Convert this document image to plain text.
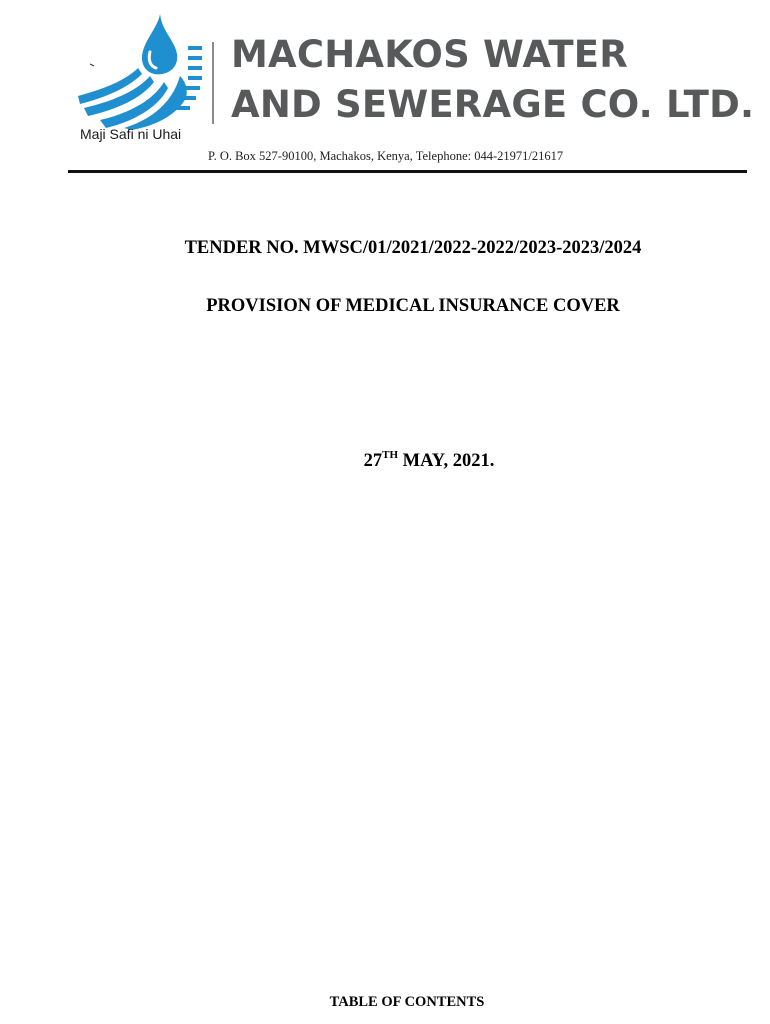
Maji Safi ni Uhai
MACHAKOS WATER
AND SEWERAGE CO. LTD.
P. O. Box 527-90100, Machakos, Kenya, Telephone: 044-21971/21617
TENDER NO. MWSC/01/2021/2022-2022/2023-2023/2024
PROVISION OF MEDICAL INSURANCE COVER
27TH MAY, 2021.
TABLE OF CONTENTS
